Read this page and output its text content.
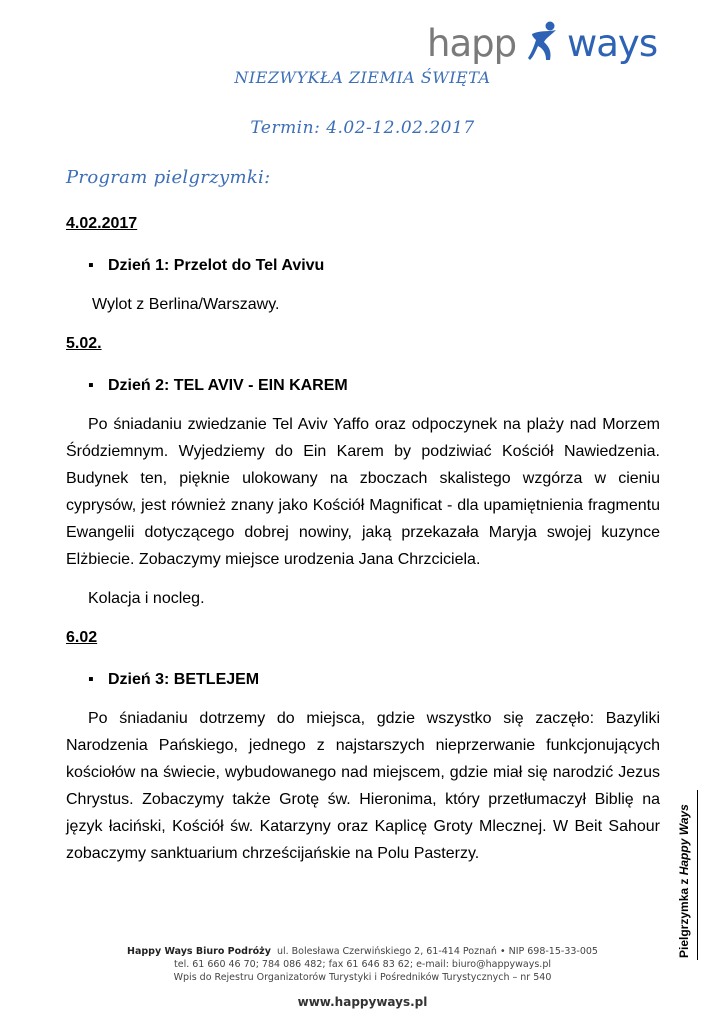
happ ways
NIEZWYKŁA ZIEMIA ŚWIĘTA
Termin: 4.02-12.02.2017
Program pielgrzymki:

4.02.2017

▪ Dzień 1: Przelot do Tel Avivu

Wylot z Berlina/Warszawy.

5.02.

▪ Dzień 2: TEL AVIV - EIN KAREM

Po śniadaniu zwiedzanie Tel Aviv Yaffo oraz odpoczynek na plaży nad Morzem Śródziemnym. Wyjedziemy do Ein Karem by podziwiać Kościół Nawiedzenia. Budynek ten, pięknie ulokowany na zboczach skalistego wzgórza w cieniu cyprysów, jest również znany jako Kościół Magnificat - dla upamiętnienia fragmentu Ewangelii dotyczącego dobrej nowiny, jaką przekazała Maryja swojej kuzynce Elżbiecie. Zobaczymy miejsce urodzenia Jana Chrzciciela.

Kolacja i nocleg.

6.02

▪ Dzień 3: BETLEJEM

Po śniadaniu dotrzemy do miejsca, gdzie wszystko się zaczęło: Bazyliki Narodzenia Pańskiego, jednego z najstarszych nieprzerwanie funkcjonujących kościołów na świecie, wybudowanego nad miejscem, gdzie miał się narodzić Jezus Chrystus. Zobaczymy także Grotę św. Hieronima, który przetłumaczył Biblię na język łaciński, Kościół św. Katarzyny oraz Kaplicę Groty Mlecznej. W Beit Sahour zobaczymy sanktuarium chrześcijańskie na Polu Pasterzy.

Pielgrzymka z Happy Ways
Happy Ways Biuro Podróży ul. Bolesława Czerwińskiego 2, 61-414 Poznań • NIP 698-15-33-005
tel. 61 660 46 70; 784 086 482; fax 61 646 83 62; e-mail: biuro@happyways.pl
Wpis do Rejestru Organizatorów Turystyki i Pośredników Turystycznych – nr 540
www.happyways.pl
